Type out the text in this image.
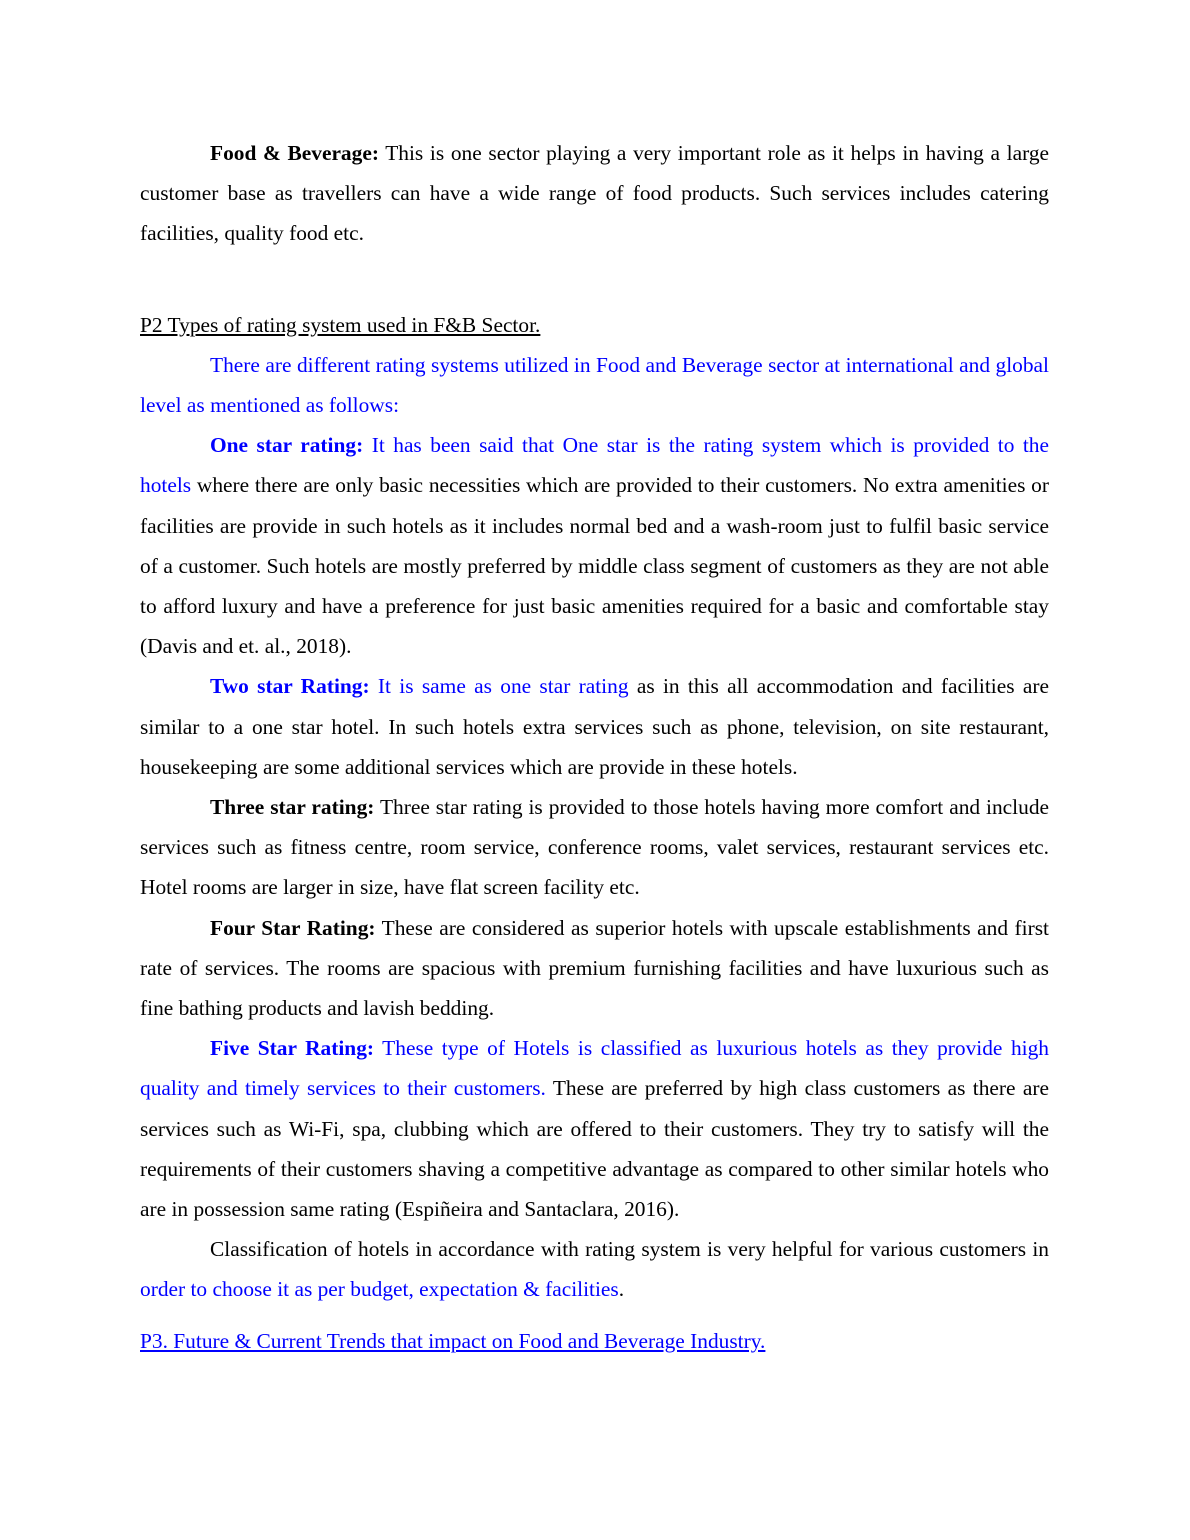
Food & Beverage: This is one sector playing a very important role as it helps in having a large customer base as travellers can have a wide range of food products. Such services includes catering facilities, quality food etc.

P2 Types of rating system used in F&B Sector.

There are different rating systems utilized in Food and Beverage sector at international and global level as mentioned as follows:

One star rating: It has been said that One star is the rating system which is provided to the hotels where there are only basic necessities which are provided to their customers. No extra amenities or facilities are provide in such hotels as it includes normal bed and a wash-room just to fulfil basic service of a customer. Such hotels are mostly preferred by middle class segment of customers as they are not able to afford luxury and have a preference for just basic amenities required for a basic and comfortable stay (Davis and et. al., 2018).

Two star Rating: It is same as one star rating as in this all accommodation and facilities are similar to a one star hotel. In such hotels extra services such as phone, television, on site restaurant, housekeeping are some additional services which are provide in these hotels.

Three star rating: Three star rating is provided to those hotels having more comfort and include services such as fitness centre, room service, conference rooms, valet services, restaurant services etc. Hotel rooms are larger in size, have flat screen facility etc.

Four Star Rating: These are considered as superior hotels with upscale establishments and first rate of services. The rooms are spacious with premium furnishing facilities and have luxurious such as fine bathing products and lavish bedding.

Five Star Rating: These type of Hotels is classified as luxurious hotels as they provide high quality and timely services to their customers. These are preferred by high class customers as there are services such as Wi-Fi, spa, clubbing which are offered to their customers. They try to satisfy will the requirements of their customers shaving a competitive advantage as compared to other similar hotels who are in possession same rating (Espiñeira and Santaclara, 2016).

Classification of hotels in accordance with rating system is very helpful for various customers in order to choose it as per budget, expectation & facilities.

P3. Future & Current Trends that impact on Food and Beverage Industry.
